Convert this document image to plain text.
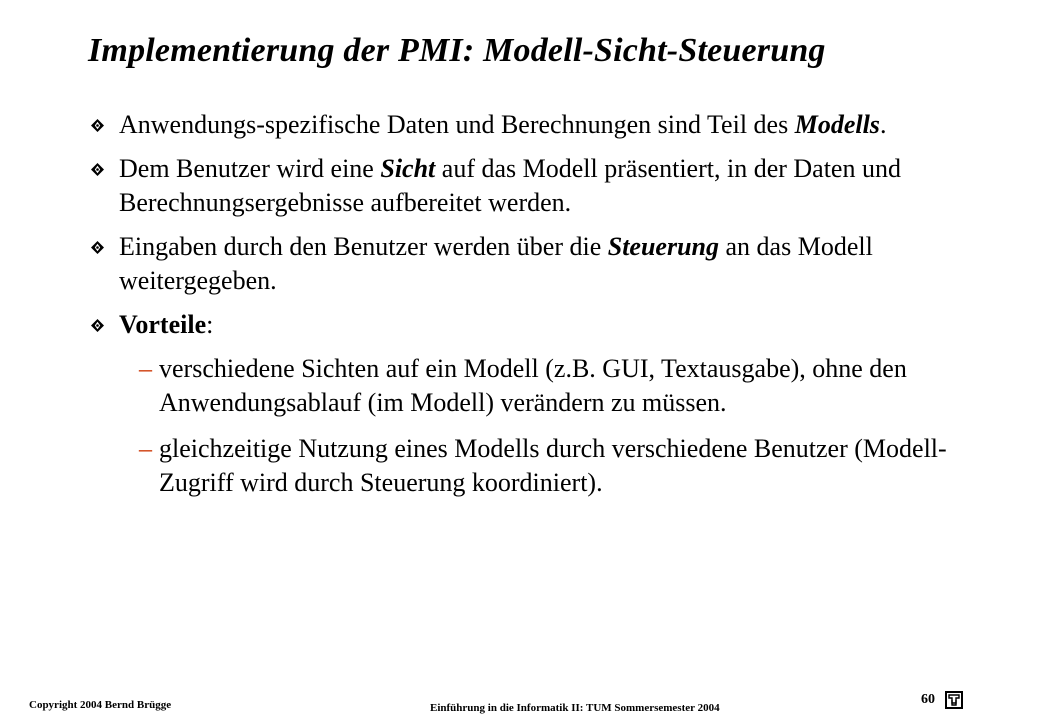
Implementierung der PMI: Modell-Sicht-Steuerung
Anwendungs-spezifische Daten und Berechnungen sind Teil des Modells.
Dem Benutzer wird eine Sicht auf das Modell präsentiert, in der Daten und Berechnungsergebnisse aufbereitet werden.
Eingaben durch den Benutzer werden über die Steuerung an das Modell weitergegeben.
Vorteile:
– verschiedene Sichten auf ein Modell (z.B. GUI, Textausgabe), ohne den Anwendungsablauf (im Modell) verändern zu müssen.
– gleichzeitige Nutzung eines Modells durch verschiedene Benutzer (Modell-Zugriff wird durch Steuerung koordiniert).
Copyright 2004 Bernd Brügge	Einführung in die Informatik II: TUM Sommersemester 2004
60
